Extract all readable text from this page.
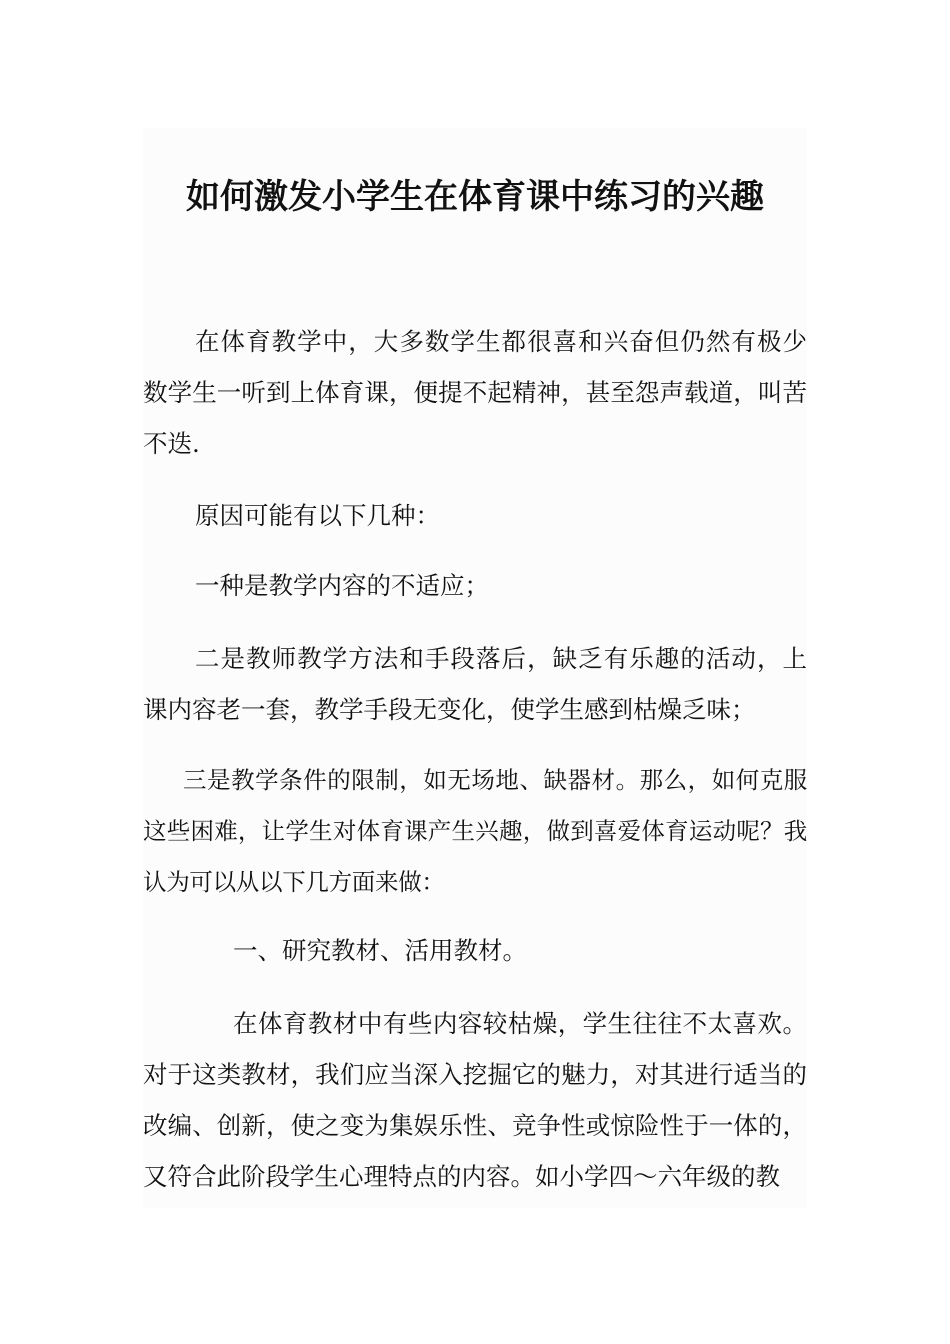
如何激发小学生在体育课中练习的兴趣

在体育教学中，大多数学生都很喜和兴奋但仍然有极少数学生一听到上体育课，便提不起精神，甚至怨声载道，叫苦不迭.

原因可能有以下几种：

一种是教学内容的不适应；

二是教师教学方法和手段落后，缺乏有乐趣的活动，上课内容老一套，教学手段无变化，使学生感到枯燥乏味；

三是教学条件的限制，如无场地、缺器材。那么，如何克服这些困难，让学生对体育课产生兴趣，做到喜爱体育运动呢？我认为可以从以下几方面来做：

一、研究教材、活用教材。

在体育教材中有些内容较枯燥，学生往往不太喜欢。对于这类教材，我们应当深入挖掘它的魅力，对其进行适当的改编、创新，使之变为集娱乐性、竞争性或惊险性于一体的，又符合此阶段学生心理特点的内容。如小学四～六年级的教
